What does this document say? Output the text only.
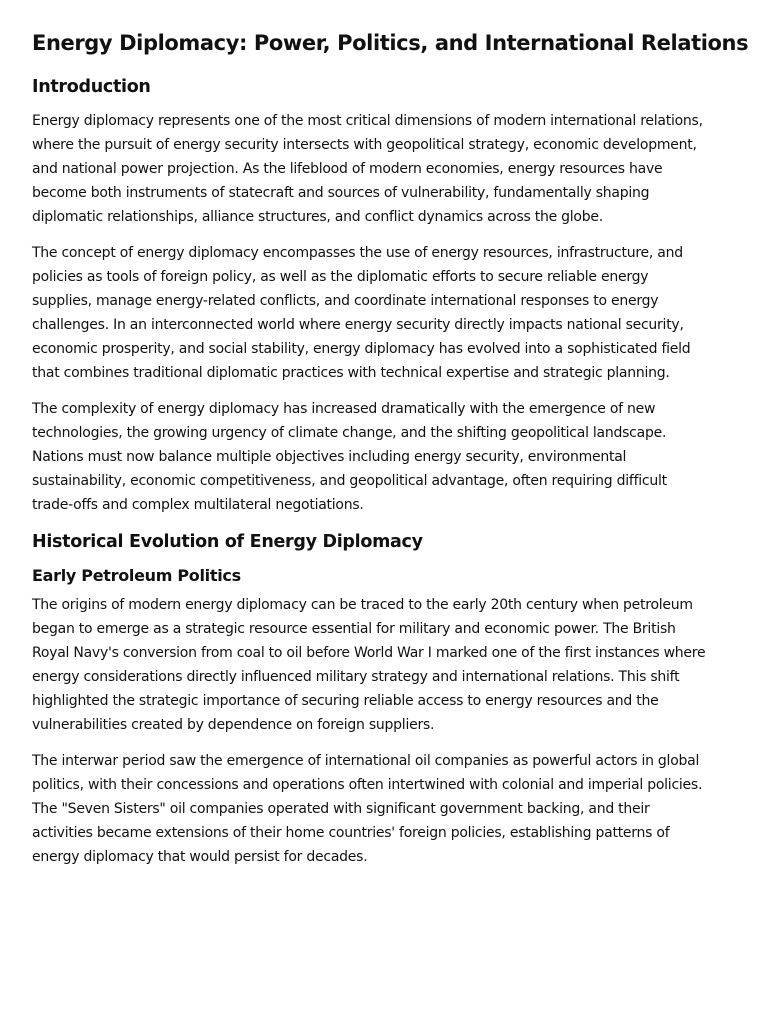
Energy Diplomacy: Power, Politics, and International Relations
Introduction

Energy diplomacy represents one of the most critical dimensions of modern international relations, where the pursuit of energy security intersects with geopolitical strategy, economic development, and national power projection. As the lifeblood of modern economies, energy resources have become both instruments of statecraft and sources of vulnerability, fundamentally shaping diplomatic relationships, alliance structures, and conflict dynamics across the globe.

The concept of energy diplomacy encompasses the use of energy resources, infrastructure, and policies as tools of foreign policy, as well as the diplomatic efforts to secure reliable energy supplies, manage energy-related conflicts, and coordinate international responses to energy challenges. In an interconnected world where energy security directly impacts national security, economic prosperity, and social stability, energy diplomacy has evolved into a sophisticated field that combines traditional diplomatic practices with technical expertise and strategic planning.

The complexity of energy diplomacy has increased dramatically with the emergence of new technologies, the growing urgency of climate change, and the shifting geopolitical landscape. Nations must now balance multiple objectives including energy security, environmental sustainability, economic competitiveness, and geopolitical advantage, often requiring difficult trade-offs and complex multilateral negotiations.

Historical Evolution of Energy Diplomacy
Early Petroleum Politics

The origins of modern energy diplomacy can be traced to the early 20th century when petroleum began to emerge as a strategic resource essential for military and economic power. The British Royal Navy's conversion from coal to oil before World War I marked one of the first instances where energy considerations directly influenced military strategy and international relations. This shift highlighted the strategic importance of securing reliable access to energy resources and the vulnerabilities created by dependence on foreign suppliers.

The interwar period saw the emergence of international oil companies as powerful actors in global politics, with their concessions and operations often intertwined with colonial and imperial policies. The "Seven Sisters" oil companies operated with significant government backing, and their activities became extensions of their home countries' foreign policies, establishing patterns of energy diplomacy that would persist for decades.
